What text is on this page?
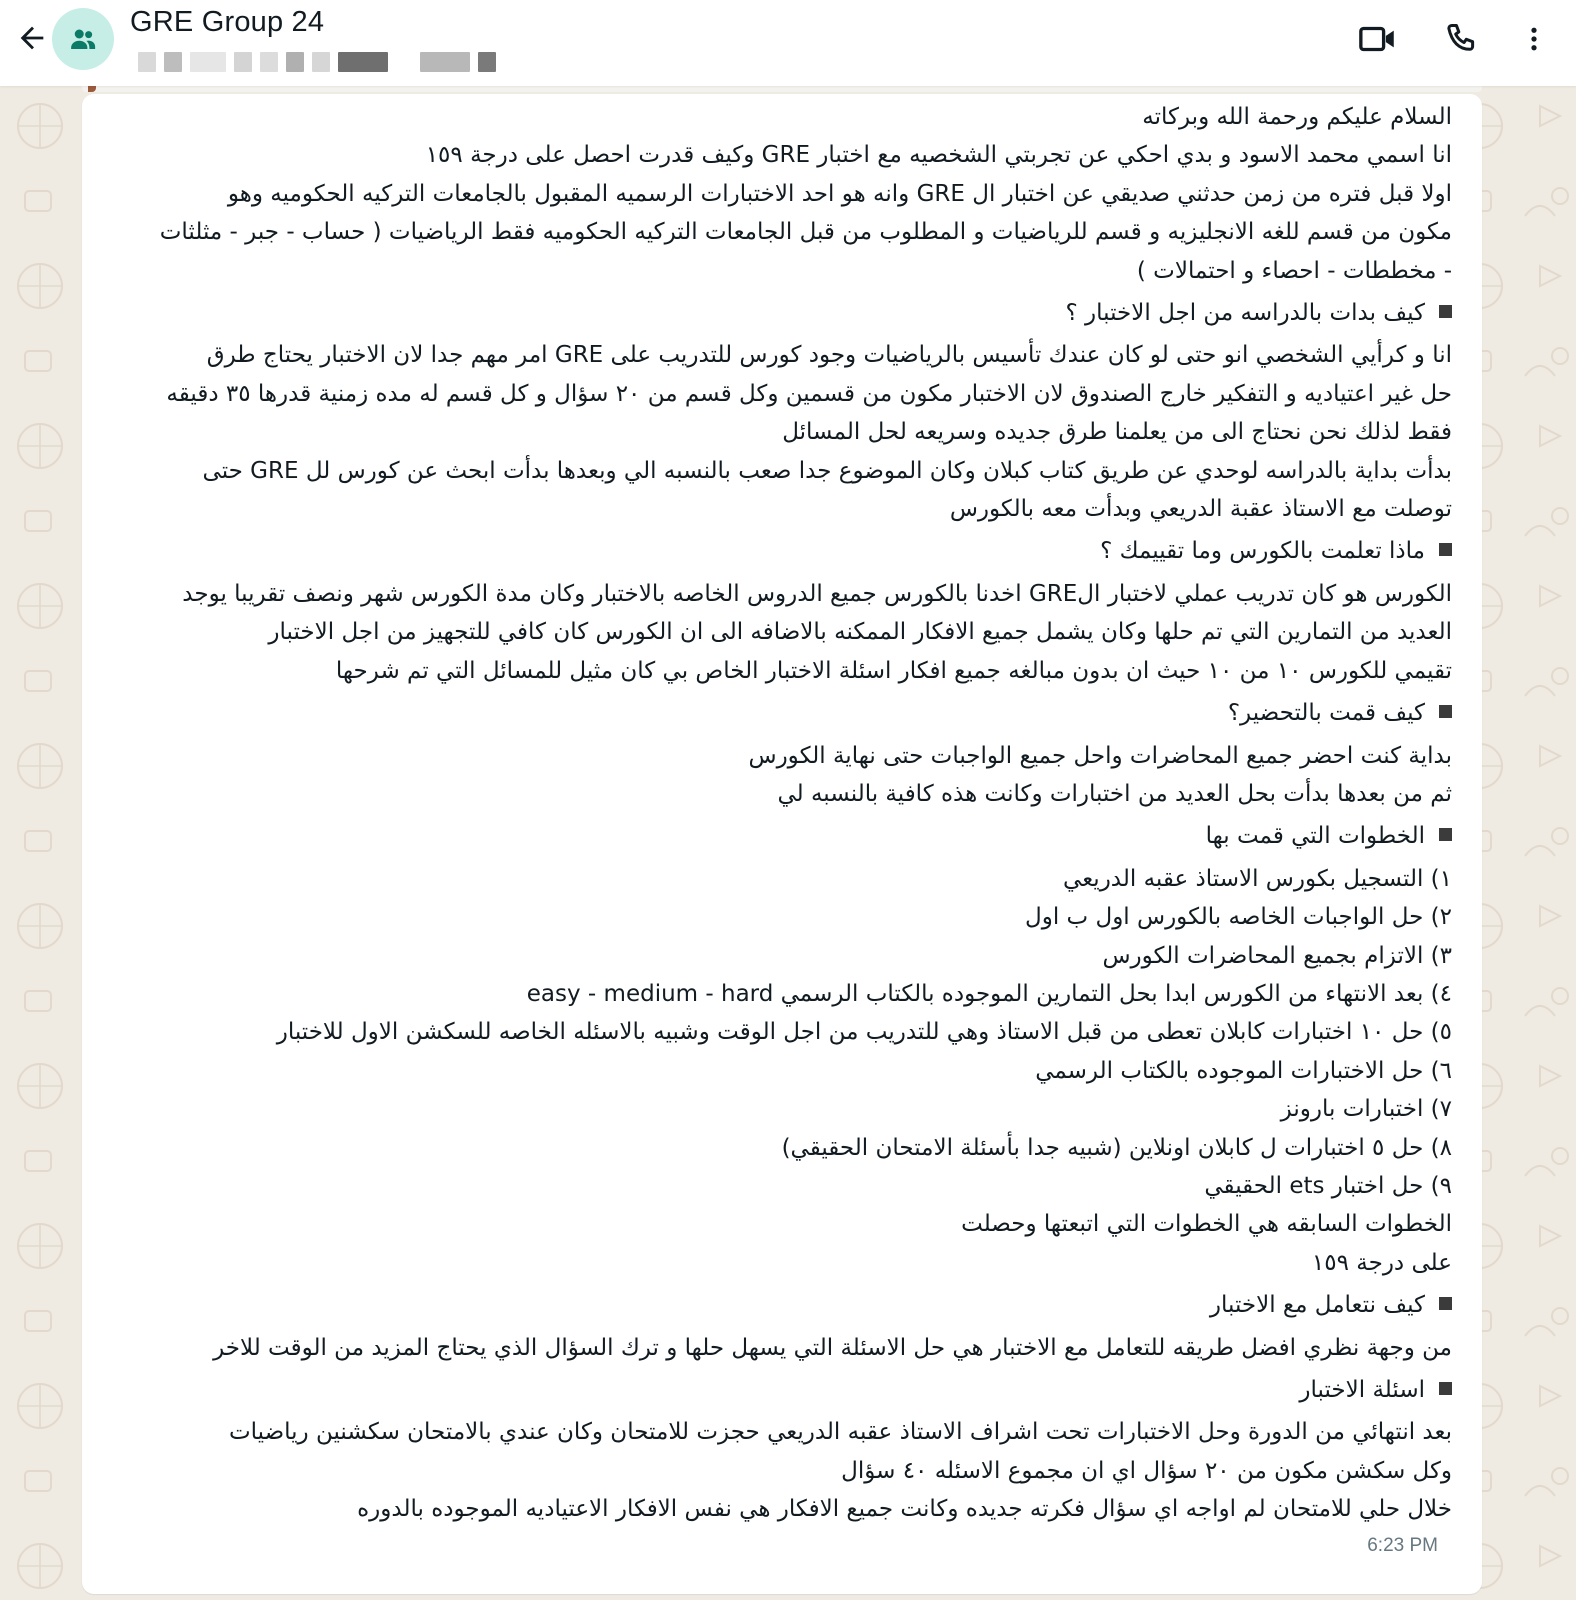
GRE Group 24
السلام عليكم ورحمة الله وبركاته
انا اسمي محمد الاسود و بدي احكي عن تجربتي الشخصيه مع اختبار GRE وكيف قدرت احصل على درجة ١٥٩
اولا قبل فتره من زمن حدثني صديقي عن اختبار ال GRE وانه هو احد الاختبارات الرسميه المقبول بالجامعات التركيه الحكوميه وهو
مكون من قسم للغه الانجليزيه و قسم للرياضيات و المطلوب من قبل الجامعات التركيه الحكوميه فقط الرياضيات ( حساب - جبر - مثلثات
- مخططات - احصاء و احتمالات )
كيف بدات بالدراسه من اجل الاختبار ؟
انا و كرأيي الشخصي انو حتى لو كان عندك تأسيس بالرياضيات وجود كورس للتدريب على GRE امر مهم جدا لان الاختبار يحتاج طرق
حل غير اعتياديه و التفكير خارج الصندوق لان الاختبار مكون من قسمين وكل قسم من ٢٠ سؤال و كل قسم له مده زمنية قدرها ٣٥ دقيقه
فقط لذلك نحن نحتاج الى من يعلمنا طرق جديده وسريعه لحل المسائل
بدأت بداية بالدراسه لوحدي عن طريق كتاب كبلان وكان الموضوع جدا صعب بالنسبه الي وبعدها بدأت ابحث عن كورس لل GRE حتى
توصلت مع الاستاذ عقبة الدريعي وبدأت معه بالكورس
ماذا تعلمت بالكورس وما تقييمك ؟
الكورس هو كان تدريب عملي لاختبار الGRE اخدنا بالكورس جميع الدروس الخاصه بالاختبار وكان مدة الكورس شهر ونصف تقريبا يوجد
العديد من التمارين التي تم حلها وكان يشمل جميع الافكار الممكنه بالاضافه الى ان الكورس كان كافي للتجهيز من اجل الاختبار
تقيمي للكورس ١٠ من ١٠ حيث ان بدون مبالغه جميع افكار اسئلة الاختبار الخاص بي كان مثيل للمسائل التي تم شرحها
كيف قمت بالتحضير؟
بداية كنت احضر جميع المحاضرات واحل جميع الواجبات حتى نهاية الكورس
ثم من بعدها بدأت بحل العديد من اختبارات وكانت هذه كافية بالنسبه لي
الخطوات التي قمت بها
١) التسجيل بكورس الاستاذ عقبه الدريعي
٢) حل الواجبات الخاصه بالكورس اول ب اول
٣) الاتزام بجميع المحاضرات الكورس
٤) بعد الانتهاء من الكورس ابدا بحل التمارين الموجوده بالكتاب الرسمي easy - medium - hard
٥) حل ١٠ اختبارات كابلان تعطى من قبل الاستاذ وهي للتدريب من اجل الوقت وشبيه بالاسئله الخاصه للسكشن الاول للاختبار
٦) حل الاختبارات الموجوده بالكتاب الرسمي
٧) اختبارات بارونز
٨) حل ٥ اختبارات ل كابلان اونلاين (شبيه جدا بأسئلة الامتحان الحقيقي)
٩) حل اختبار ets الحقيقي
الخطوات السابقه هي الخطوات التي اتبعتها وحصلت
على درجة ١٥٩
كيف نتعامل مع الاختبار
من وجهة نظري افضل طريقه للتعامل مع الاختبار هي حل الاسئلة التي يسهل حلها و ترك السؤال الذي يحتاج المزيد من الوقت للاخر
اسئلة الاختبار
بعد انتهائي من الدورة وحل الاختبارات تحت اشراف الاستاذ عقبه الدريعي حجزت للامتحان وكان عندي بالامتحان سكشنين رياضيات
وكل سكشن مكون من ٢٠ سؤال اي ان مجموع الاسئله ٤٠ سؤال
خلال حلي للامتحان لم اواجه اي سؤال فكرته جديده وكانت جميع الافكار هي نفس الافكار الاعتياديه الموجوده بالدوره
6:23 PM
